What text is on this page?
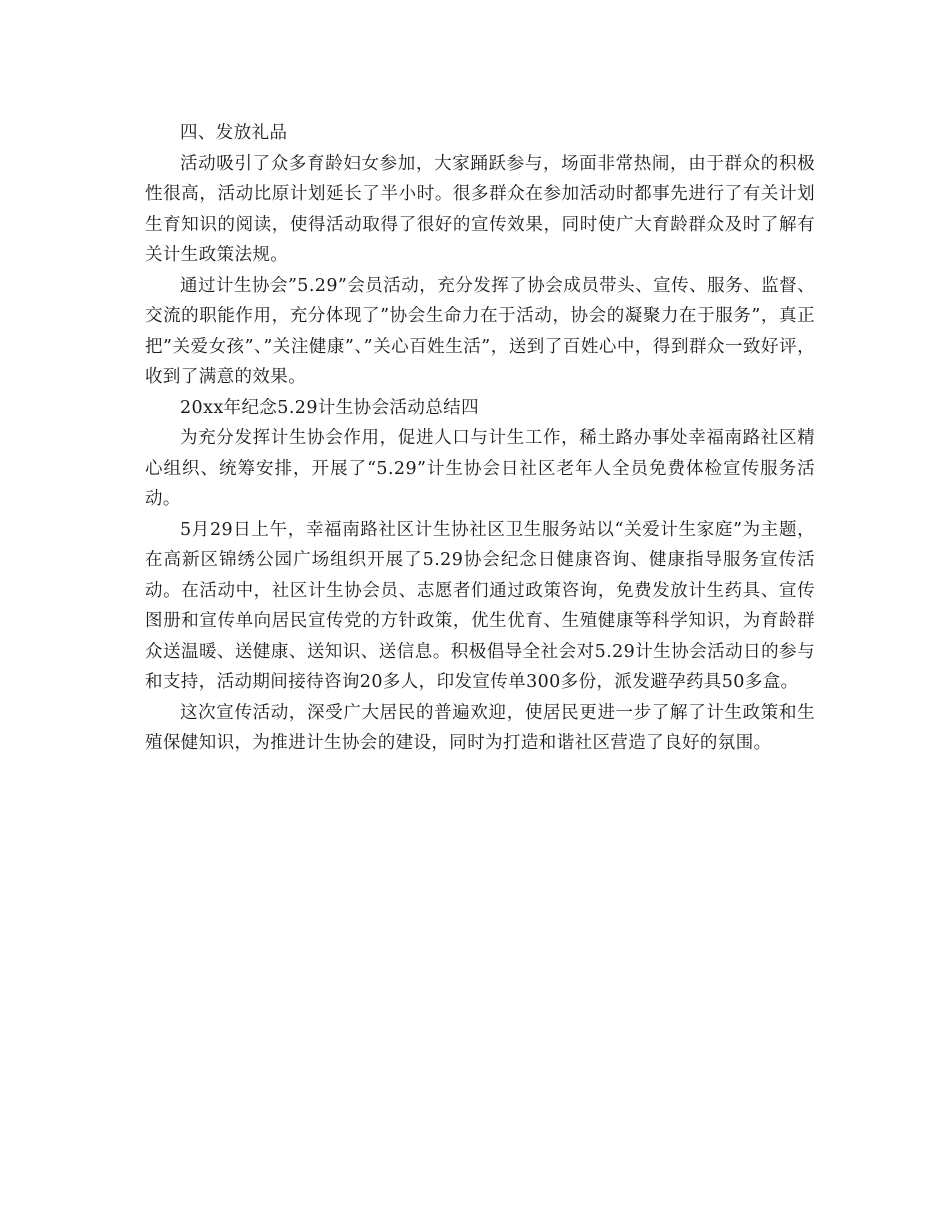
四、发放礼品

活动吸引了众多育龄妇女参加，大家踊跃参与，场面非常热闹，由于群众的积极性很高，活动比原计划延长了半小时。很多群众在参加活动时都事先进行了有关计划生育知识的阅读，使得活动取得了很好的宣传效果，同时使广大育龄群众及时了解有关计生政策法规。

通过计生协会”5.29”会员活动，充分发挥了协会成员带头、宣传、服务、监督、交流的职能作用，充分体现了”协会生命力在于活动，协会的凝聚力在于服务”，真正把”关爱女孩”、”关注健康”、”关心百姓生活”，送到了百姓心中，得到群众一致好评，收到了满意的效果。

20xx年纪念5.29计生协会活动总结四

为充分发挥计生协会作用，促进人口与计生工作，稀土路办事处幸福南路社区精心组织、统筹安排，开展了“5.29”计生协会日社区老年人全员免费体检宣传服务活动。

5月29日上午，幸福南路社区计生协社区卫生服务站以“关爱计生家庭”为主题，在高新区锦绣公园广场组织开展了5.29协会纪念日健康咨询、健康指导服务宣传活动。在活动中，社区计生协会员、志愿者们通过政策咨询，免费发放计生药具、宣传图册和宣传单向居民宣传党的方针政策，优生优育、生殖健康等科学知识，为育龄群众送温暖、送健康、送知识、送信息。积极倡导全社会对5.29计生协会活动日的参与和支持，活动期间接待咨询20多人，印发宣传单300多份，派发避孕药具50多盒。

这次宣传活动，深受广大居民的普遍欢迎，使居民更进一步了解了计生政策和生殖保健知识，为推进计生协会的建设，同时为打造和谐社区营造了良好的氛围。
